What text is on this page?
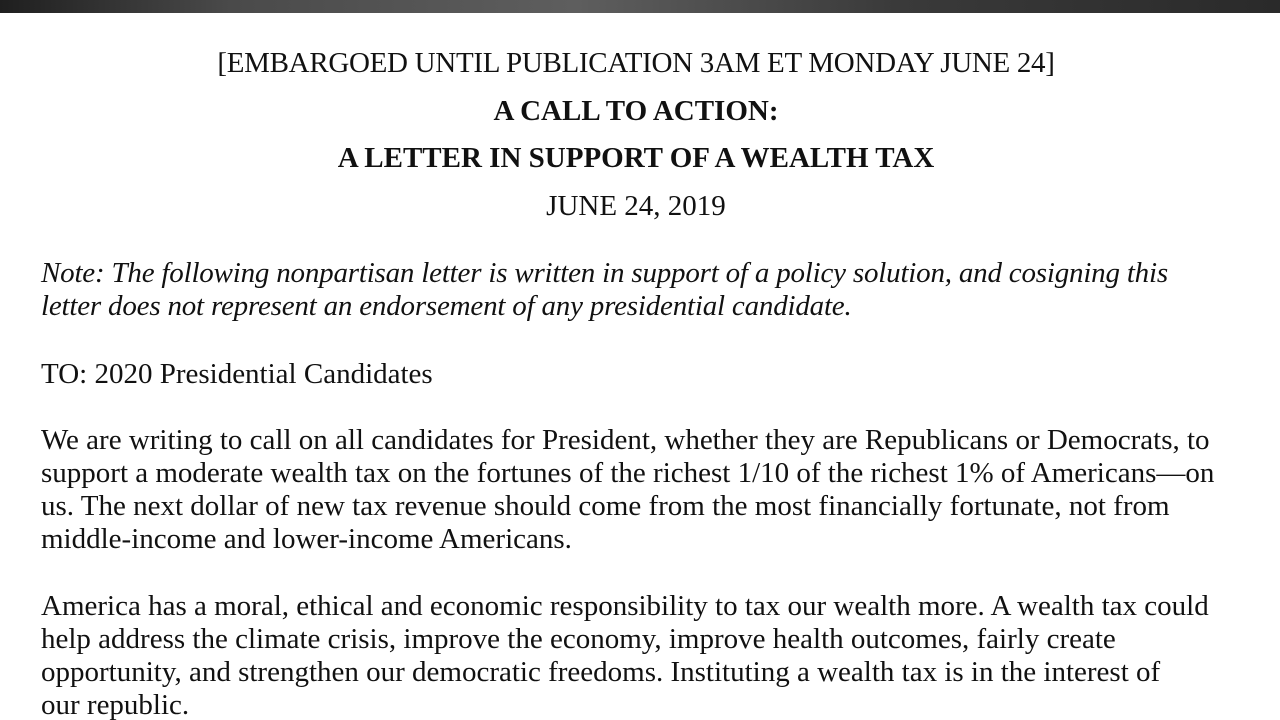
[EMBARGOED UNTIL PUBLICATION 3AM ET MONDAY JUNE 24]
A CALL TO ACTION:
A LETTER IN SUPPORT OF A WEALTH TAX
JUNE 24, 2019
Note: The following nonpartisan letter is written in support of a policy solution, and cosigning this
letter does not represent an endorsement of any presidential candidate.
TO: 2020 Presidential Candidates
We are writing to call on all candidates for President, whether they are Republicans or Democrats, to
support a moderate wealth tax on the fortunes of the richest 1/10 of the richest 1% of Americans—on
us. The next dollar of new tax revenue should come from the most financially fortunate, not from
middle-income and lower-income Americans.
America has a moral, ethical and economic responsibility to tax our wealth more. A wealth tax could
help address the climate crisis, improve the economy, improve health outcomes, fairly create
opportunity, and strengthen our democratic freedoms. Instituting a wealth tax is in the interest of
our republic.
